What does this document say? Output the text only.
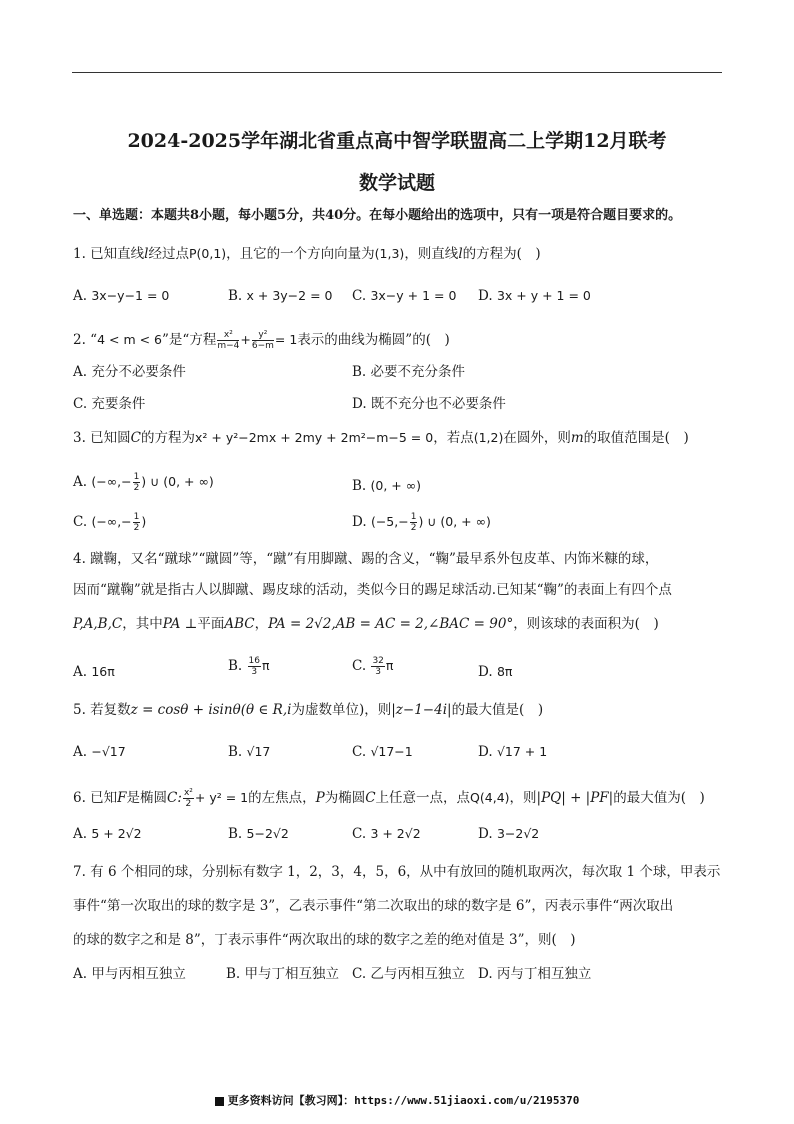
2024-2025学年湖北省重点高中智学联盟高二上学期12月联考
数学试题
一、单选题：本题共8小题，每小题5分，共40分。在每小题给出的选项中，只有一项是符合题目要求的。
1. 已知直线l经过点P(0,1)，且它的一个方向向量为(1,3)，则直线l的方程为(　)
A. 3x−y−1 = 0	B. x + 3y−2 = 0 C. 3x−y + 1 = 0 D. 3x + y + 1 = 0
2. “4 < m < 6”是“方程 $\frac{\text{x²}}{m-4} + \frac{\text{y²}}{6-m} = 1$表示的曲线为椭圆”的(　)
A. 充分不必要条件	B. 必要不充分条件
C. 充要条件	D. 既不充分也不必要条件
3. 已知圆C的方程为x² + y²−2mx + 2my + 2m²−m−5 = 0，若点(1,2)在圆外，则m的取值范围是(　)
A. (−∞,− $\frac{1}{2}$ ) ∪ (0, + ∞)	B. (0, + ∞)
C. (−∞,− $\frac{1}{2}$ )	D. ($-5,- \frac{1}{2}$ ) ∪ (0, + ∞)
4. 蹴鞠，又名“蹴球”“蹴圆”等，“蹴”有用脚蹴、踢的含义，“鞠”最早系外包皮革、内饰米糠的球，
因而“蹴鞠”就是指古人以脚蹴、踢皮球的活动，类似今日的踢足球活动.已知某“鞠”的表面上有四个点
P,A,B,C，其中PA ⊥平面ABC，PA = 2√2,AB = AC = 2,∠BAC = 90°，则该球的表面积为(　)
A. 16π	B. $\frac{16}{3}$ π	C. $\frac{32}{3}$ π	D. 8π
5. 若复数z = cosθ + isinθ(θ ∈ R,i为虚数单位)，则|z−1−4i|的最大值是(　)
A. −√17	B. √17	C. √17−1	D. √17 + 1
6. 已知F是椭圆C: $\frac{\text{x²}}{2} + y^2 = 1$的左焦点，P为椭圆C上任意一点，点Q(4,4)，则|PQ| + |PF|的最大值为(　)
A. 5 + 2√2	B. 5−2√2	C. 3 + 2√2	D. 3−2√2
7. 有 6 个相同的球，分别标有数字 1，2，3，4，5，6，从中有放回的随机取两次，每次取 1 个球，甲表示
事件“第一次取出的球的数字是 3”，乙表示事件“第二次取出的球的数字是 6”，丙表示事件“两次取出
的球的数字之和是 8”，丁表示事件“两次取出的球的数字之差的绝对值是 3”，则(　)
A. 甲与丙相互独立	B. 甲与丁相互独立 C. 乙与丙相互独立 D. 丙与丁相互独立
更多资料访问【教习网】：https://www.51jiaoxi.com/u/2195370
